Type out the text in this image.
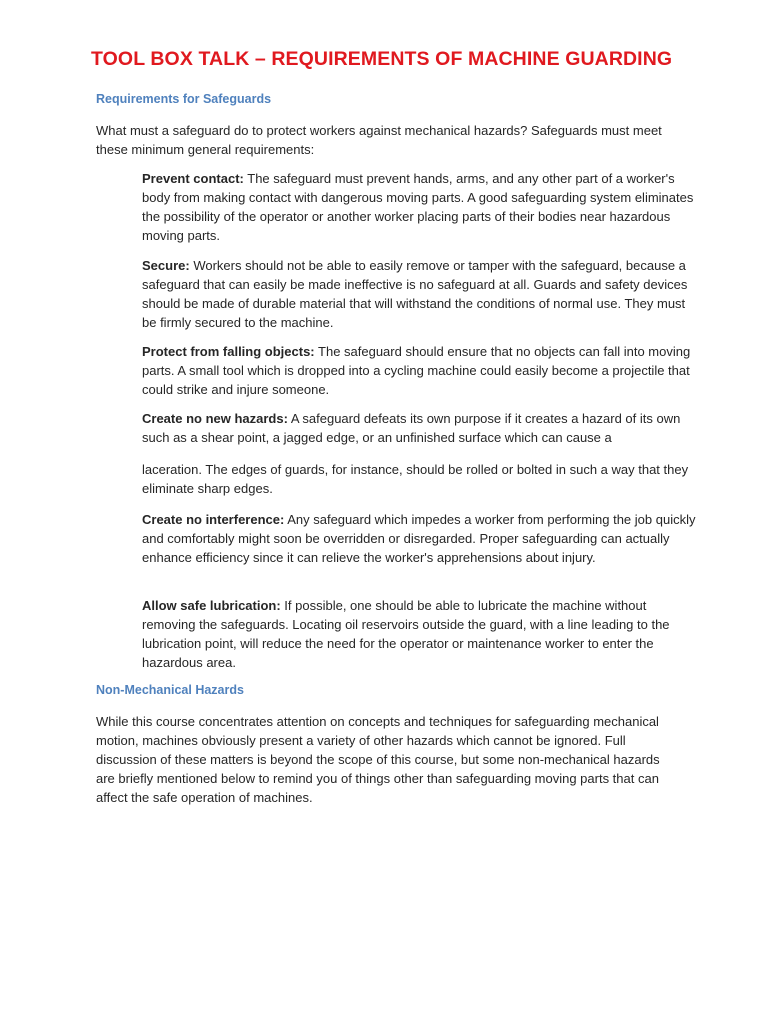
TOOL BOX TALK – REQUIREMENTS OF MACHINE GUARDING
Requirements for Safeguards

What must a safeguard do to protect workers against mechanical hazards? Safeguards must meet these minimum general requirements:

Prevent contact: The safeguard must prevent hands, arms, and any other part of a worker's body from making contact with dangerous moving parts. A good safeguarding system eliminates the possibility of the operator or another worker placing parts of their bodies near hazardous moving parts.

Secure: Workers should not be able to easily remove or tamper with the safeguard, because a safeguard that can easily be made ineffective is no safeguard at all. Guards and safety devices should be made of durable material that will withstand the conditions of normal use. They must be firmly secured to the machine.

Protect from falling objects: The safeguard should ensure that no objects can fall into moving parts. A small tool which is dropped into a cycling machine could easily become a projectile that could strike and injure someone.

Create no new hazards: A safeguard defeats its own purpose if it creates a hazard of its own such as a shear point, a jagged edge, or an unfinished surface which can cause a

laceration. The edges of guards, for instance, should be rolled or bolted in such a way that they eliminate sharp edges.

Create no interference: Any safeguard which impedes a worker from performing the job quickly and comfortably might soon be overridden or disregarded. Proper safeguarding can actually enhance efficiency since it can relieve the worker's apprehensions about injury.

Allow safe lubrication: If possible, one should be able to lubricate the machine without removing the safeguards. Locating oil reservoirs outside the guard, with a line leading to the lubrication point, will reduce the need for the operator or maintenance worker to enter the hazardous area.

Non-Mechanical Hazards

While this course concentrates attention on concepts and techniques for safeguarding mechanical motion, machines obviously present a variety of other hazards which cannot be ignored. Full discussion of these matters is beyond the scope of this course, but some non-mechanical hazards are briefly mentioned below to remind you of things other than safeguarding moving parts that can affect the safe operation of machines.
